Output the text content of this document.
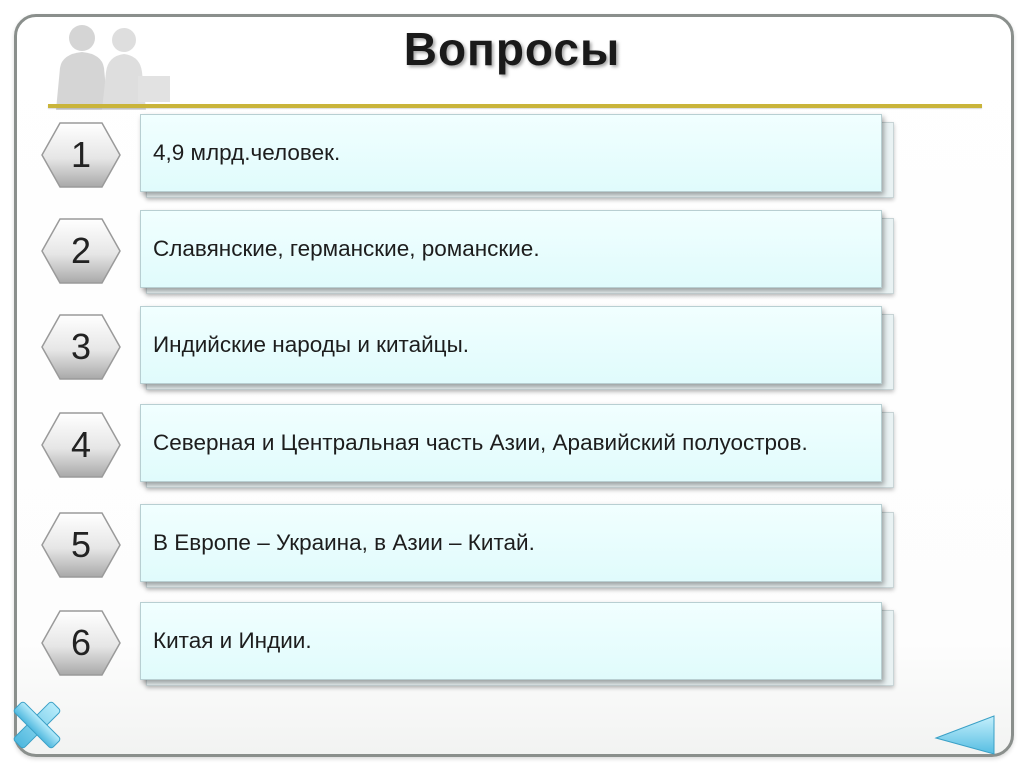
Вопросы
1	4,9 млрд.человек.
2	Славянские, германские, романские.
3	Индийские народы и китайцы.
4	Северная и Центральная часть Азии, Аравийский полуостров.
5	В Европе – Украина, в Азии – Китай.
6	Китая и Индии.
